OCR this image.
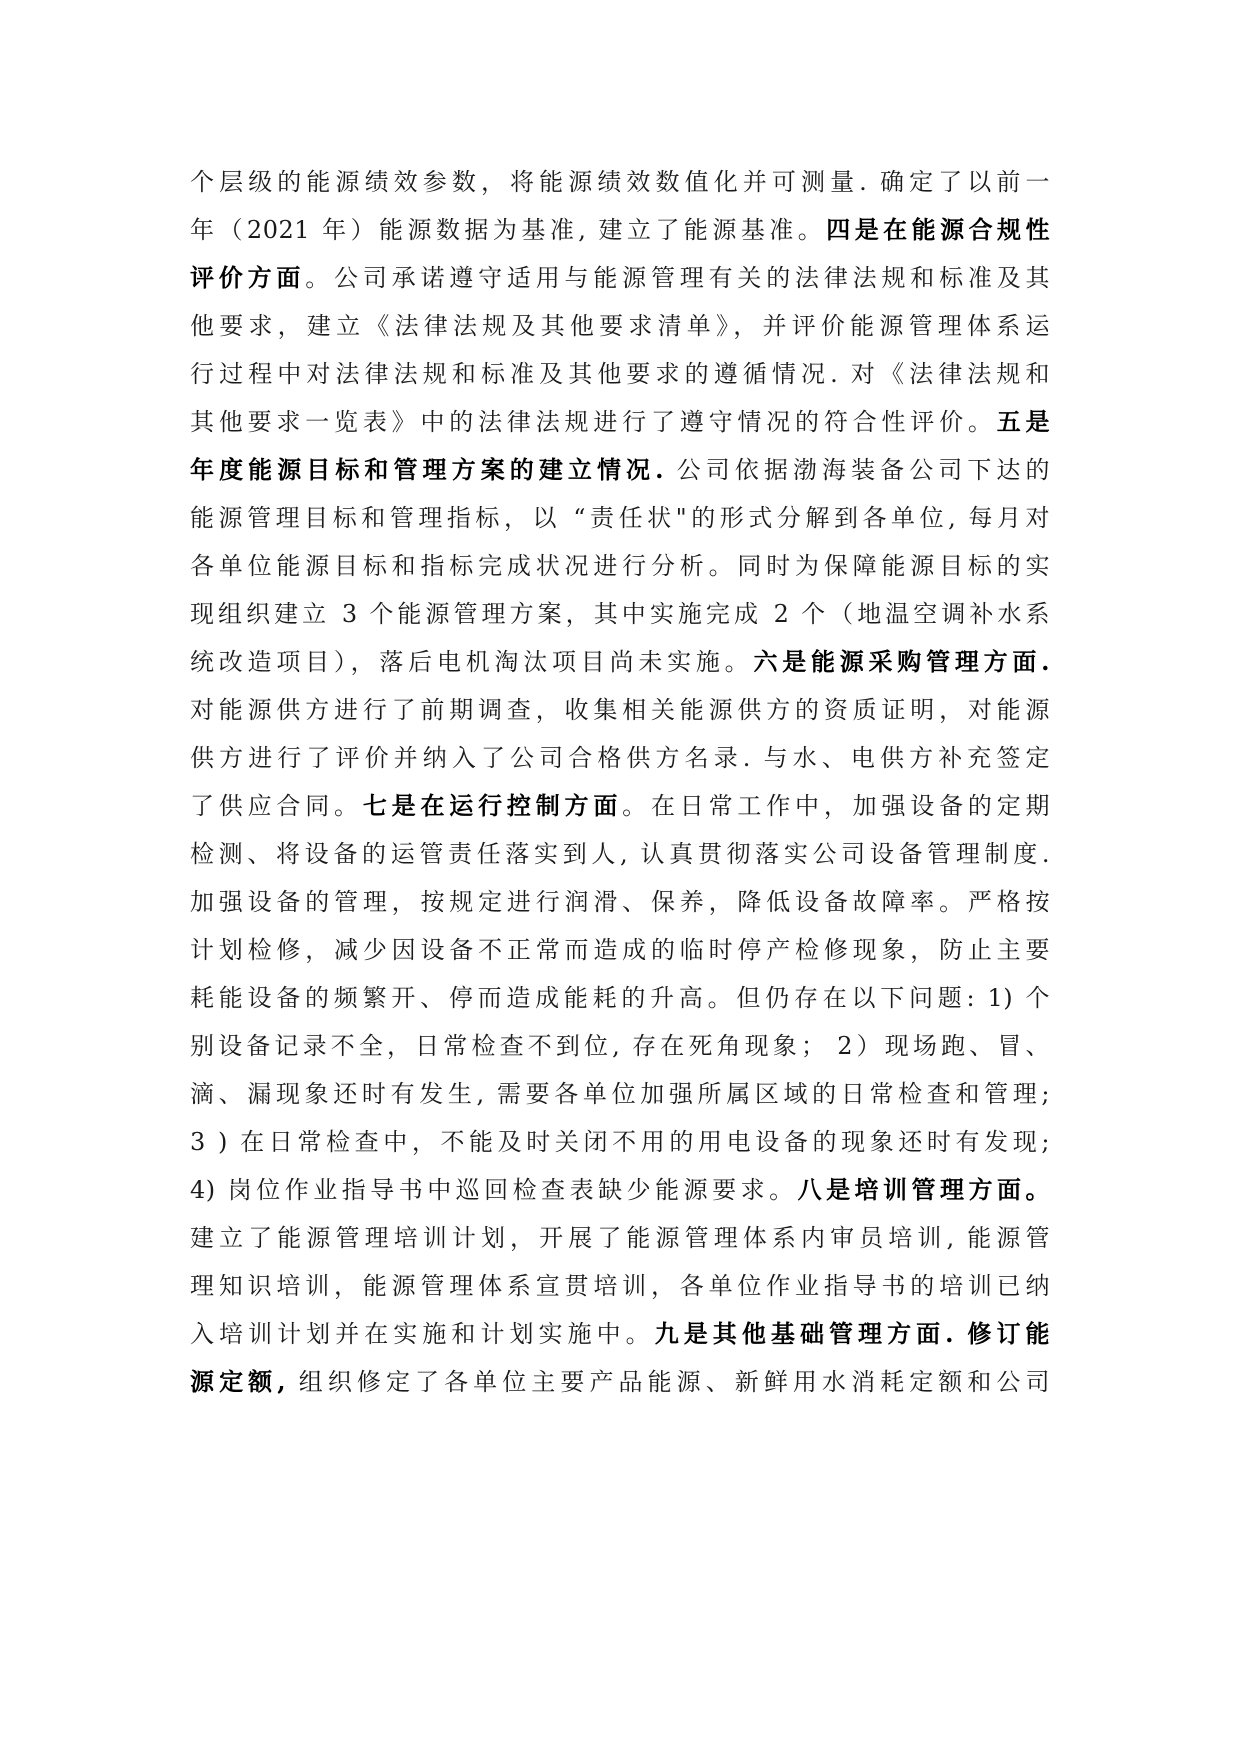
个层级的能源绩效参数，将能源绩效数值化并可测量. 确定了以前一
年（2021 年）能源数据为基准, 建立了能源基准。四是在能源合规性
评价方面。公司承诺遵守适用与能源管理有关的法律法规和标准及其
他要求，建立《法律法规及其他要求清单》，并评价能源管理体系运
行过程中对法律法规和标准及其他要求的遵循情况. 对《法律法规和
其他要求一览表》中的法律法规进行了遵守情况的符合性评价。五是
年度能源目标和管理方案的建立情况. 公司依据渤海装备公司下达的
能源管理目标和管理指标，以 “责任状"的形式分解到各单位, 每月对
各单位能源目标和指标完成状况进行分析。同时为保障能源目标的实
现组织建立 3 个能源管理方案，其中实施完成 2 个（地温空调补水系
统改造项目），落后电机淘汰项目尚未实施。六是能源采购管理方面.
对能源供方进行了前期调查，收集相关能源供方的资质证明，对能源
供方进行了评价并纳入了公司合格供方名录. 与水、电供方补充签定
了供应合同。七是在运行控制方面。在日常工作中，加强设备的定期
检测、将设备的运管责任落实到人, 认真贯彻落实公司设备管理制度.
加强设备的管理，按规定进行润滑、保养，降低设备故障率。严格按
计划检修，减少因设备不正常而造成的临时停产检修现象，防止主要
耗能设备的频繁开、停而造成能耗的升高。但仍存在以下问题: 1) 个
别设备记录不全，日常检查不到位, 存在死角现象； 2）现场跑、冒、
滴、漏现象还时有发生, 需要各单位加强所属区域的日常检查和管理;
3 ) 在日常检查中，不能及时关闭不用的用电设备的现象还时有发现;
4) 岗位作业指导书中巡回检查表缺少能源要求。八是培训管理方面。
建立了能源管理培训计划，开展了能源管理体系内审员培训, 能源管
理知识培训，能源管理体系宣贯培训，各单位作业指导书的培训已纳
入培训计划并在实施和计划实施中。九是其他基础管理方面. 修订能
源定额, 组织修定了各单位主要产品能源、新鲜用水消耗定额和公司
